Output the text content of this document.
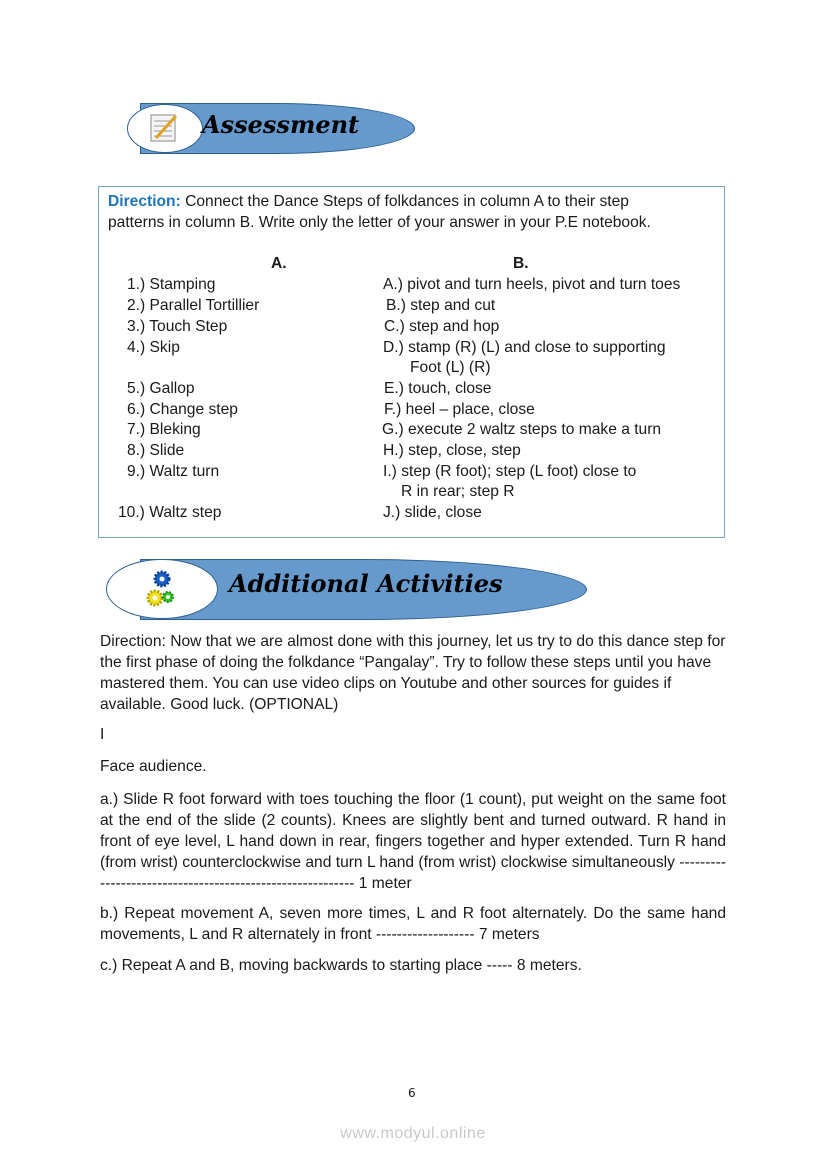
Assessment
Direction: Connect the Dance Steps of folkdances in column A to their step
patterns in column B. Write only the letter of your answer in your P.E notebook.
A.	B.
1.) Stamping
2.) Parallel Tortillier
3.) Touch Step
4.) Skip
5.) Gallop
6.) Change step
7.) Bleking
8.) Slide
9.) Waltz turn
10.) Waltz step
A.) pivot and turn heels, pivot and turn toes
B.) step and cut
C.) step and hop
D.) stamp (R) (L) and close to supporting
Foot (L) (R)
E.) touch, close
F.) heel – place, close
G.) execute 2 waltz steps to make a turn
H.) step, close, step
I.) step (R foot); step (L foot) close to
R in rear; step R
J.) slide, close
Additional Activities
Direction: Now that we are almost done with this journey, let us try to do this dance step for the first phase of doing the folkdance “Pangalay”. Try to follow these steps until you have mastered them. You can use video clips on Youtube and other sources for guides if available. Good luck. (OPTIONAL)
I
Face audience.
a.) Slide R foot forward with toes touching the floor (1 count), put weight on the same foot at the end of the slide (2 counts). Knees are slightly bent and turned outward. R hand in front of eye level, L hand down in rear, fingers together and hyper extended. Turn R hand (from wrist) counterclockwise and turn L hand (from wrist) clockwise simultaneously ---------------------------------------------------------- 1 meter
b.) Repeat movement A, seven more times, L and R foot alternately. Do the same hand movements, L and R alternately in front ------------------- 7 meters
c.) Repeat A and B, moving backwards to starting place ----- 8 meters.
6
www.modyul.online
